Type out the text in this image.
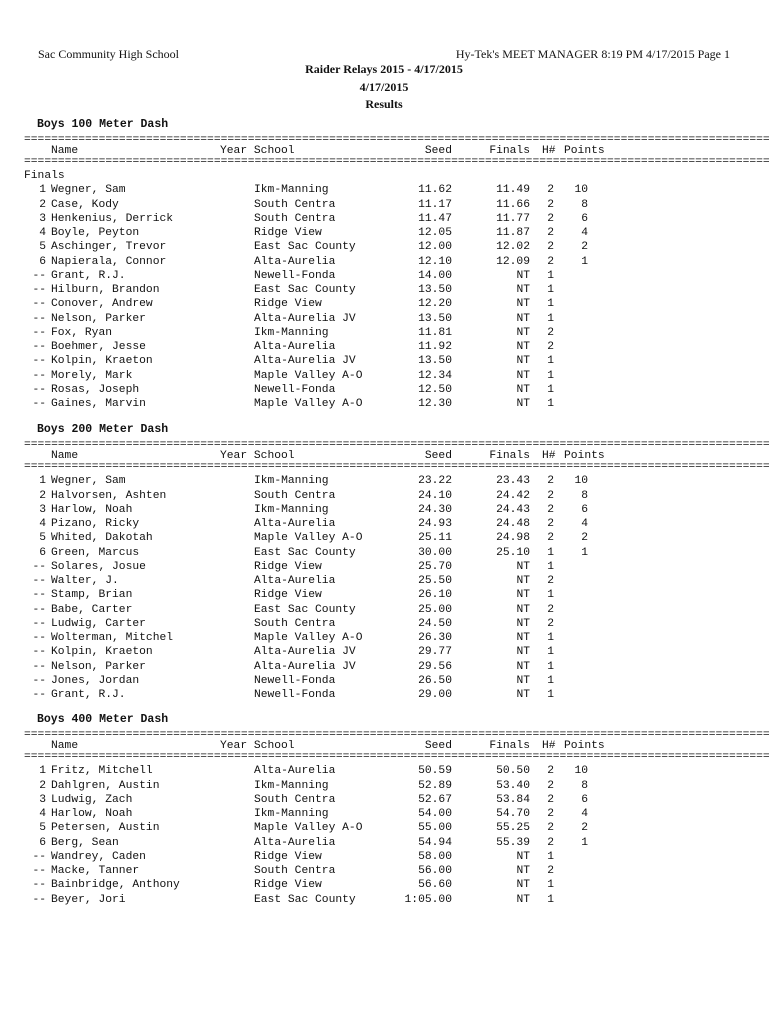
Sac Community High School	Hy-Tek's MEET MANAGER 8:19 PM 4/17/2015 Page 1
Raider Relays 2015 - 4/17/2015
4/17/2015
Results
Boys 100 Meter Dash
==============================================================================================================
Name	Year School	Seed	Finals H# Points
==============================================================================================================
Finals
1 Wegner, Sam	Ikm-Manning	11.62	11.49	2	10
2 Case, Kody	South Centra	11.17	11.66	2	8
3 Henkenius, Derrick	South Centra	11.47	11.77	2	6
4 Boyle, Peyton	Ridge View	12.05	11.87	2	4
5 Aschinger, Trevor	East Sac County	12.00	12.02	2	2
6 Napierala, Connor	Alta-Aurelia	12.10	12.09	2	1
-- Grant, R.J.	Newell-Fonda	14.00	NT	1
-- Hilburn, Brandon	East Sac County	13.50	NT	1
-- Conover, Andrew	Ridge View	12.20	NT	1
-- Nelson, Parker	Alta-Aurelia JV	13.50	NT	1
-- Fox, Ryan	Ikm-Manning	11.81	NT	2
-- Boehmer, Jesse	Alta-Aurelia	11.92	NT	2
-- Kolpin, Kraeton	Alta-Aurelia JV	13.50	NT	1
-- Morely, Mark	Maple Valley A-O	12.34	NT	1
-- Rosas, Joseph	Newell-Fonda	12.50	NT	1
-- Gaines, Marvin	Maple Valley A-O	12.30	NT	1
Boys 200 Meter Dash
==============================================================================================================
Name	Year School	Seed	Finals H# Points
==============================================================================================================
1 Wegner, Sam	Ikm-Manning	23.22	23.43	2	10
2 Halvorsen, Ashten	South Centra	24.10	24.42	2	8
3 Harlow, Noah	Ikm-Manning	24.30	24.43	2	6
4 Pizano, Ricky	Alta-Aurelia	24.93	24.48	2	4
5 Whited, Dakotah	Maple Valley A-O	25.11	24.98	2	2
6 Green, Marcus	East Sac County	30.00	25.10	1	1
-- Solares, Josue	Ridge View	25.70	NT	1
-- Walter, J.	Alta-Aurelia	25.50	NT	2
-- Stamp, Brian	Ridge View	26.10	NT	1
-- Babe, Carter	East Sac County	25.00	NT	2
-- Ludwig, Carter	South Centra	24.50	NT	2
-- Wolterman, Mitchel	Maple Valley A-O	26.30	NT	1
-- Kolpin, Kraeton	Alta-Aurelia JV	29.77	NT	1
-- Nelson, Parker	Alta-Aurelia JV	29.56	NT	1
-- Jones, Jordan	Newell-Fonda	26.50	NT	1
-- Grant, R.J.	Newell-Fonda	29.00	NT	1
Boys 400 Meter Dash
==============================================================================================================
Name	Year School	Seed	Finals H# Points
==============================================================================================================
1 Fritz, Mitchell	Alta-Aurelia	50.59	50.50	2	10
2 Dahlgren, Austin	Ikm-Manning	52.89	53.40	2	8
3 Ludwig, Zach	South Centra	52.67	53.84	2	6
4 Harlow, Noah	Ikm-Manning	54.00	54.70	2	4
5 Petersen, Austin	Maple Valley A-O	55.00	55.25	2	2
6 Berg, Sean	Alta-Aurelia	54.94	55.39	2	1
-- Wandrey, Caden	Ridge View	58.00	NT	1
-- Macke, Tanner	South Centra	56.00	NT	2
-- Bainbridge, Anthony	Ridge View	56.60	NT	1
-- Beyer, Jori	East Sac County	1:05.00	NT	1
